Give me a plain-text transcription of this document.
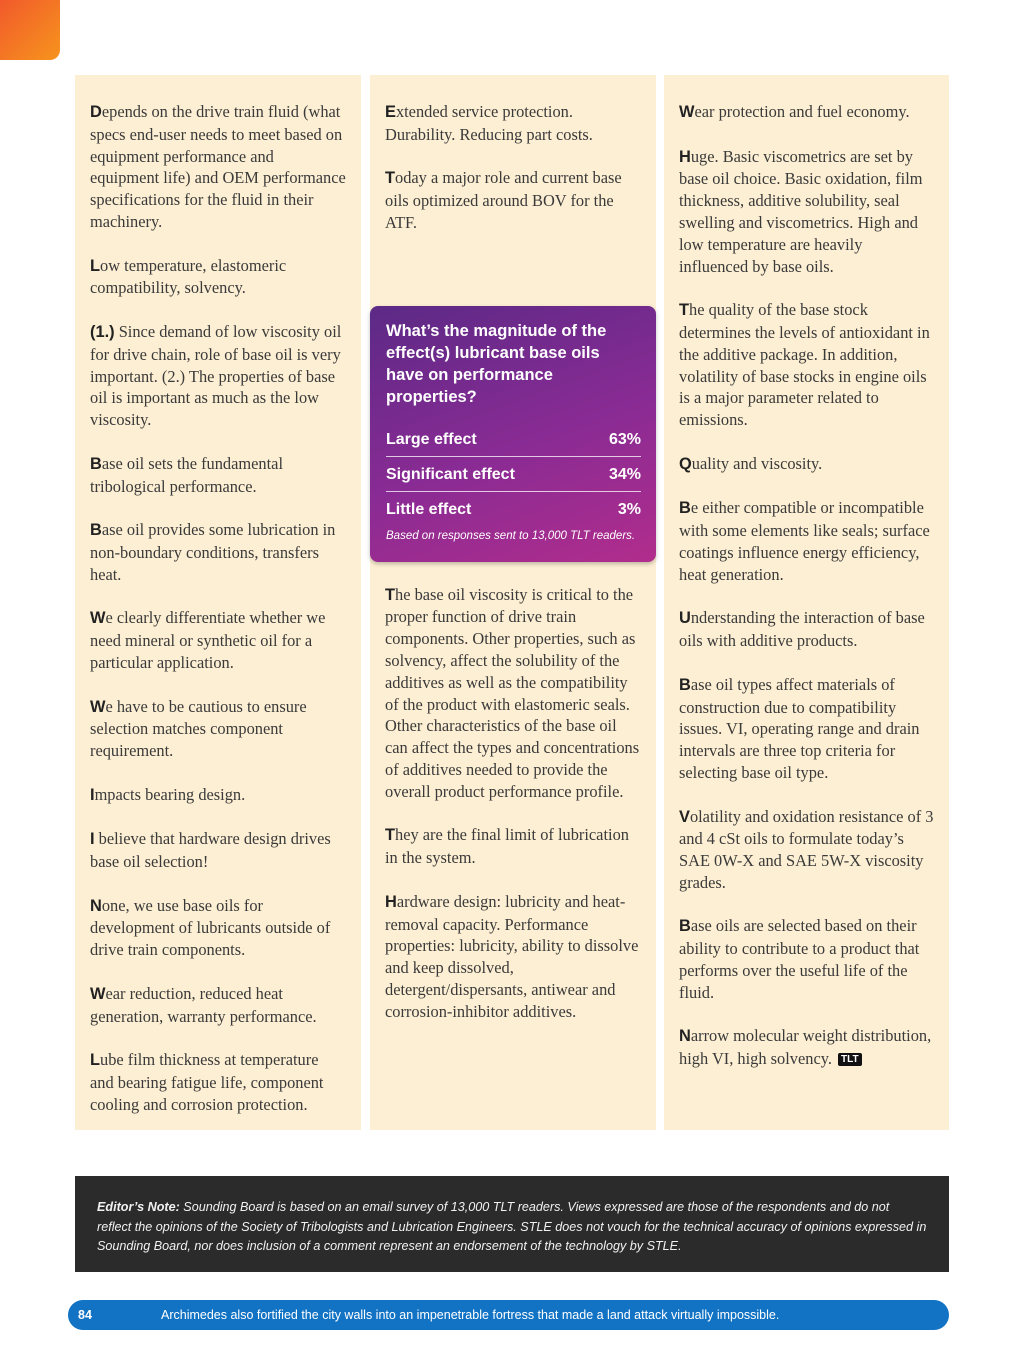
Depends on the drive train fluid (what specs end-user needs to meet based on equipment performance and equipment life) and OEM performance specifications for the fluid in their machinery.

Low temperature, elastomeric compatibility, solvency.

(1.) Since demand of low viscosity oil for drive chain, role of base oil is very important. (2.) The properties of base oil is important as much as the low viscosity.

Base oil sets the fundamental tribological performance.

Base oil provides some lubrication in non-boundary conditions, transfers heat.

We clearly differentiate whether we need mineral or synthetic oil for a particular application.

We have to be cautious to ensure selection matches component requirement.

Impacts bearing design.

I believe that hardware design drives base oil selection!

None, we use base oils for development of lubricants outside of drive train components.

Wear reduction, reduced heat generation, warranty performance.

Lube film thickness at temperature and bearing fatigue life, component cooling and corrosion protection.

Extended service protection. Durability. Reducing part costs.

Today a major role and current base oils optimized around BOV for the ATF.

The base oil viscosity is critical to the proper function of drive train components. Other properties, such as solvency, affect the solubility of the additives as well as the compatibility of the product with elastomeric seals. Other characteristics of the base oil can affect the types and concentrations of additives needed to provide the overall product performance profile.

They are the final limit of lubrication in the system.

Hardware design: lubricity and heat-removal capacity. Performance properties: lubricity, ability to dissolve and keep dissolved, detergent/dispersants, antiwear and corrosion-inhibitor additives.

What’s the magnitude of the effect(s) lubricant base oils have on performance properties?
Large effect	63%
Significant effect	34%
Little effect	3%
Based on responses sent to 13,000 TLT readers.

Wear protection and fuel economy.

Huge. Basic viscometrics are set by base oil choice. Basic oxidation, film thickness, additive solubility, seal swelling and viscometrics. High and low temperature are heavily influenced by base oils.

The quality of the base stock determines the levels of antioxidant in the additive package. In addition, volatility of base stocks in engine oils is a major parameter related to emissions.

Quality and viscosity.

Be either compatible or incompatible with some elements like seals; surface coatings influence energy efficiency, heat generation.

Understanding the interaction of base oils with additive products.

Base oil types affect materials of construction due to compatibility issues. VI, operating range and drain intervals are three top criteria for selecting base oil type.

Volatility and oxidation resistance of 3 and 4 cSt oils to formulate today’s SAE 0W-X and SAE 5W-X viscosity grades.

Base oils are selected based on their ability to contribute to a product that performs over the useful life of the fluid.

Narrow molecular weight distribution, high VI, high solvency. TLT

Editor’s Note: Sounding Board is based on an email survey of 13,000 TLT readers. Views expressed are those of the respondents and do not reflect the opinions of the Society of Tribologists and Lubrication Engineers. STLE does not vouch for the technical accuracy of opinions expressed in Sounding Board, nor does inclusion of a comment represent an endorsement of the technology by STLE.
84	Archimedes also fortified the city walls into an impenetrable fortress that made a land attack virtually impossible.
